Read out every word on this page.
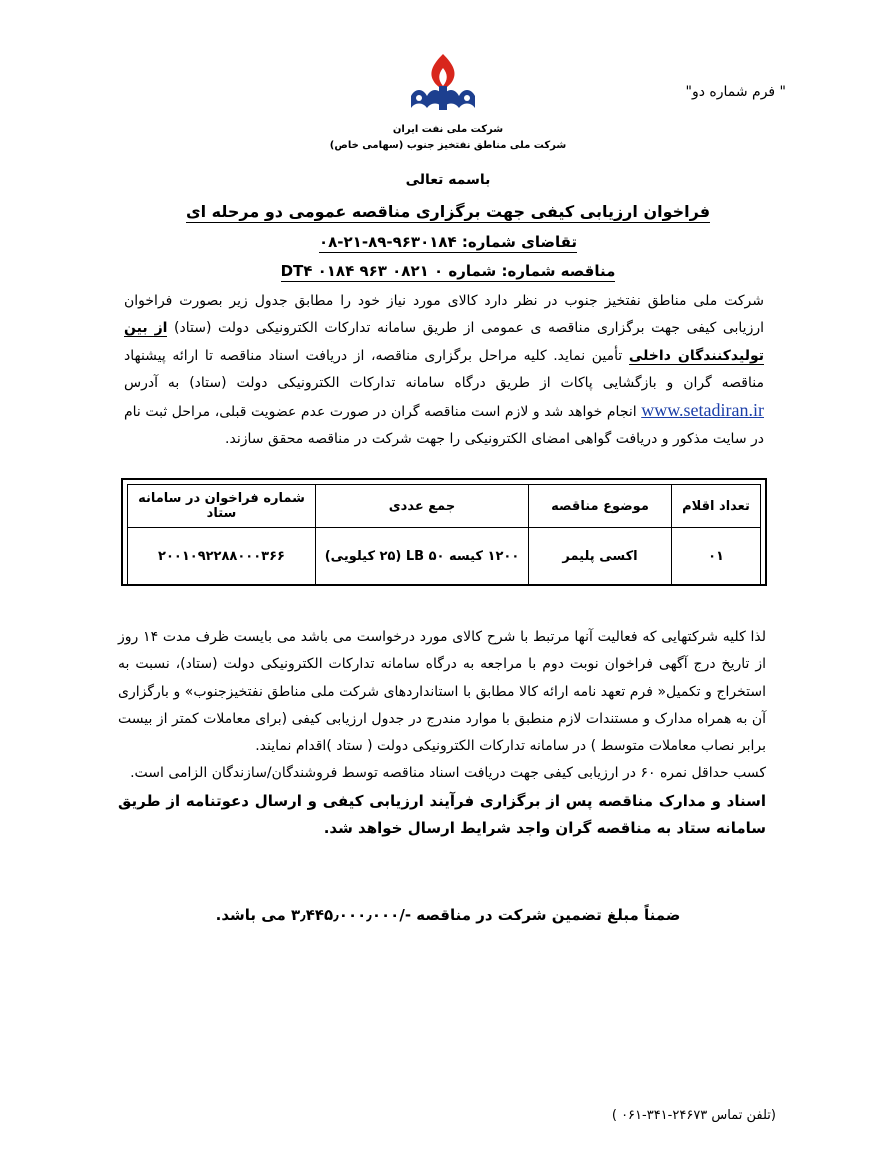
" فرم شماره دو"
شرکت ملی نفت ایران
شرکت ملی مناطق نفتخیز جنوب (سهامی خاص)
باسمه تعالی
فراخوان ارزیابی کیفی جهت برگزاری مناقصه عمومی دو مرحله ای
تقاضای شماره: ۹۶۳۰۱۸۴-۸۹-۲۱-۰۸
مناقصه شماره: شماره DT۴ ۰۱۸۴ ۹۶۳ ۰۸۲۱ ۰
شرکت ملی مناطق نفتخیز جنوب در نظر دارد کالای مورد نیاز خود را مطابق جدول زیر بصورت فراخوان ارزیابی کیفی جهت برگزاری مناقصه ی عمومی از طریق سامانه تدارکات الکترونیکی دولت (ستاد) از بین تولیدکنندگان داخلی تأمین نماید. کلیه مراحل برگزاری مناقصه، از دریافت اسناد مناقصه تا ارائه پیشنهاد مناقصه گران و بازگشایی پاکات از طریق درگاه سامانه تدارکات الکترونیکی دولت (ستاد) به آدرس www.setadiran.ir انجام خواهد شد و لازم است مناقصه گران در صورت عدم عضویت قبلی، مراحل ثبت نام در سایت مذکور و دریافت گواهی امضای الکترونیکی را جهت شرکت در مناقصه محقق سازند.
تعداد اقلام	موضوع مناقصه	جمع عددی	شماره فراخوان در سامانه ستاد
۰۱	اکسی پلیمر	۱۲۰۰ کیسه LB ۵۰ (۲۵ کیلویی)	۲۰۰۱۰۹۲۲۸۸۰۰۰۳۶۶

لذا کلیه شرکتهایی که فعالیت آنها مرتبط با شرح کالای مورد درخواست می باشد می بایست ظرف مدت ۱۴ روز از تاریخ درج آگهی فراخوان نوبت دوم با مراجعه به درگاه سامانه تدارکات الکترونیکی دولت (ستاد)، نسبت به استخراج و تکمیل« فرم تعهد نامه ارائه کالا مطابق با استانداردهای شرکت ملی مناطق نفتخیزجنوب» و بارگزاری آن به همراه مدارک و مستندات لازم منطبق با موارد مندرج در جدول ارزیابی کیفی (برای معاملات کمتر از بیست برابر نصاب معاملات متوسط ) در سامانه تدارکات الکترونیکی دولت ( ستاد )اقدام نمایند.

کسب حداقل نمره ۶۰ در ارزیابی کیفی جهت دریافت اسناد مناقصه توسط فروشندگان/سازندگان الزامی است.

اسناد و مدارک مناقصه پس از برگزاری فرآیند ارزیابی کیفی و ارسال دعوتنامه از طریق سامانه ستاد به مناقصه گران واجد شرایط ارسال خواهد شد.

ضمناً مبلغ تضمین شرکت در مناقصه -/۳٫۴۴۵٫۰۰۰٫۰۰۰ می باشد.
(تلفن تماس ۲۴۶۷۳-۳۴۱-۰۶۱ )
